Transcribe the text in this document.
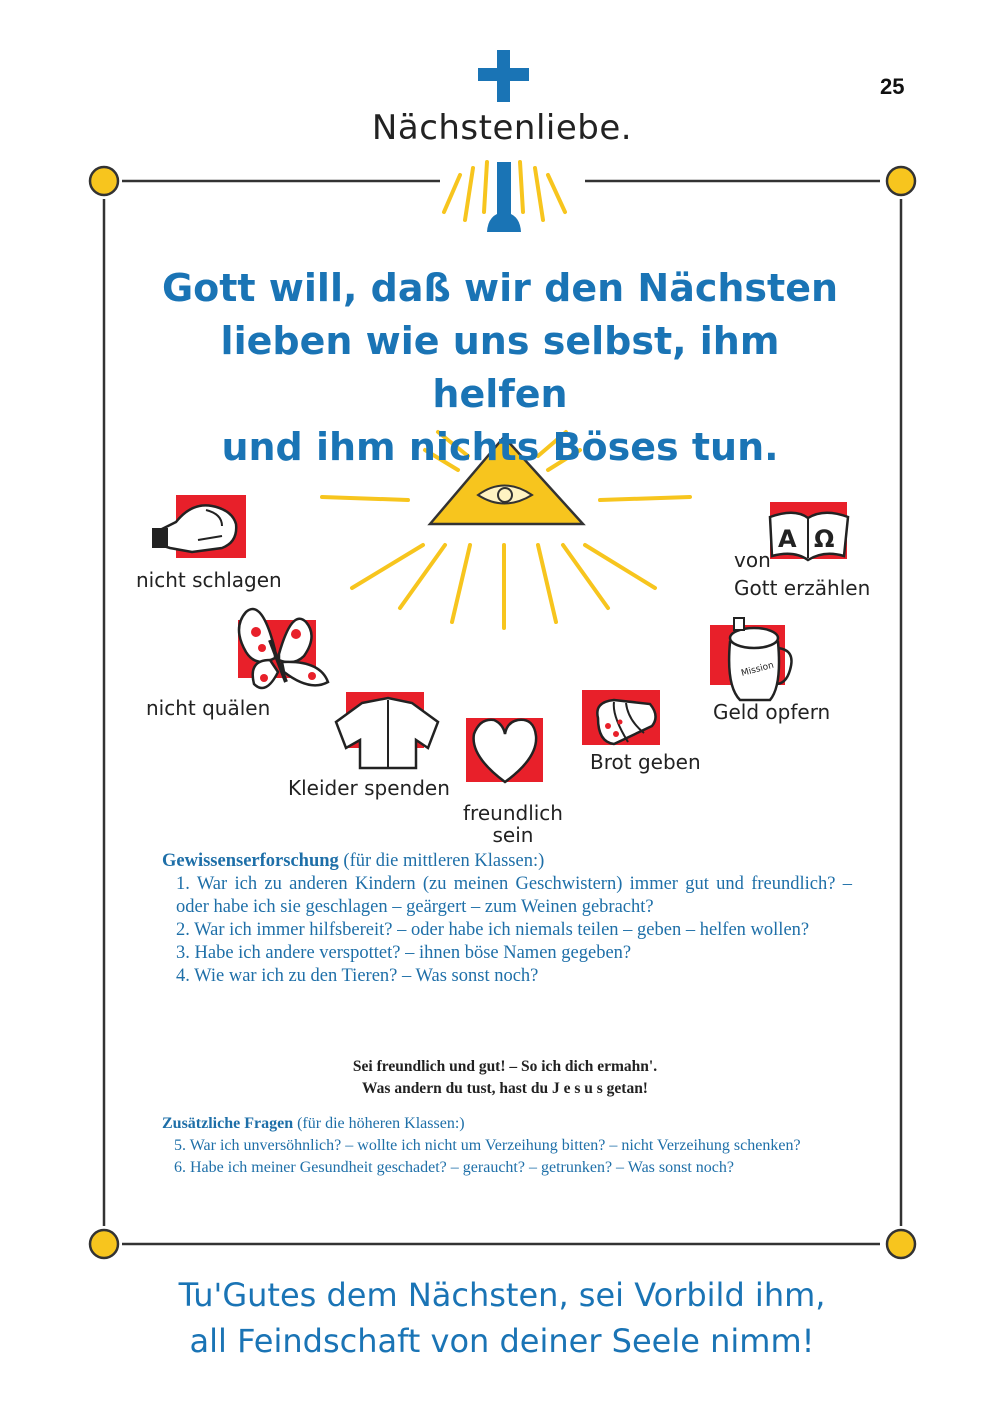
Mission
A Ω
25
Nächstenliebe.
Gott will, daß wir den Nächsten
lieben wie uns selbst, ihm helfen
und ihm nichts Böses tun.
nicht schlagen
nicht quälen
Kleider spenden
freundlich
sein
Brot geben
Geld opfern
von
Gott erzählen
Gewissenserforschung (für die mittleren Klassen:)
1. War ich zu anderen Kindern (zu meinen Geschwistern) immer gut und freundlich? – oder habe ich sie geschlagen – geärgert – zum Weinen gebracht?
2. War ich immer hilfsbereit? – oder habe ich niemals teilen – geben – helfen wollen?
3. Habe ich andere verspottet? – ihnen böse Namen gegeben?
4. Wie war ich zu den Tieren? – Was sonst noch?
Sei freundlich und gut! – So ich dich ermahn'.
Was andern du tust, hast du J e s u s getan!
Zusätzliche Fragen (für die höheren Klassen:)
5. War ich unversöhnlich? – wollte ich nicht um Verzeihung bitten? – nicht Verzeihung schenken?
6. Habe ich meiner Gesundheit geschadet? – geraucht? – getrunken? – Was sonst noch?
Tu'Gutes dem Nächsten, sei Vorbild ihm,
all Feindschaft von deiner Seele nimm!
